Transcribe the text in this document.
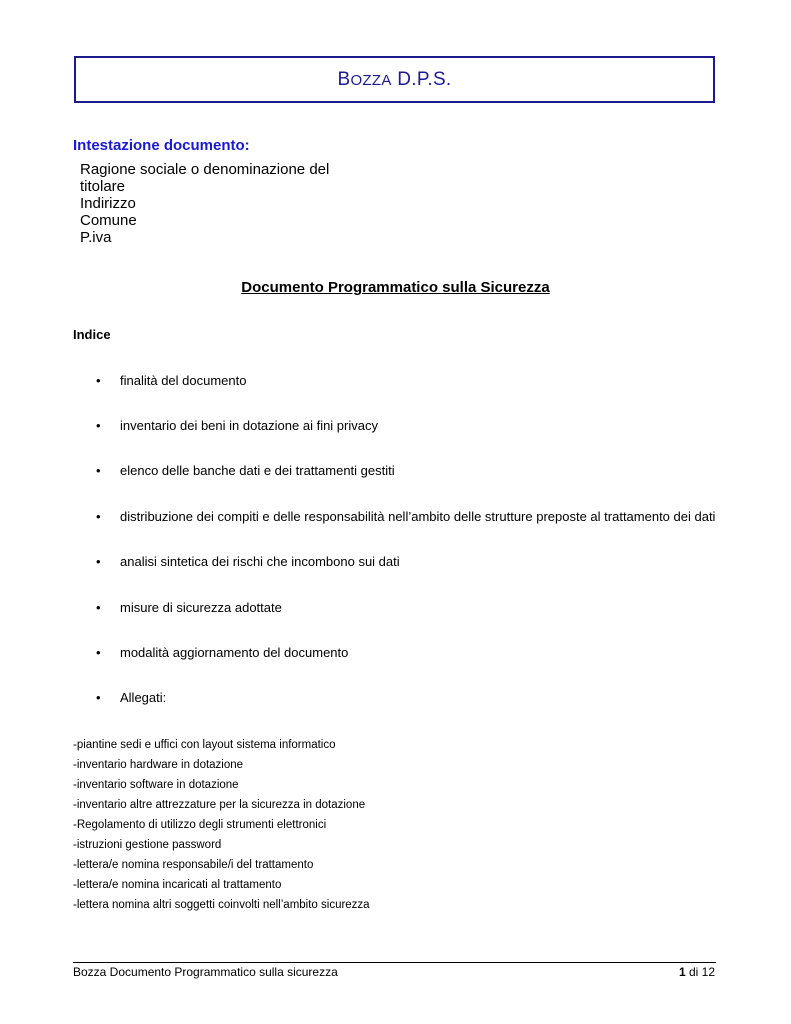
BOZZA D.P.S.
Intestazione documento:
Ragione sociale o denominazione del
titolare
Indirizzo
Comune
P.iva
Documento Programmatico sulla Sicurezza
Indice
• finalità del documento
• inventario dei beni in dotazione ai fini privacy
• elenco delle banche dati e dei trattamenti gestiti
• distribuzione dei compiti e delle responsabilità nell’ambito delle strutture preposte al trattamento dei dati
• analisi sintetica dei rischi che incombono sui dati
• misure di sicurezza adottate
• modalità aggiornamento del documento
• Allegati:
-piantine sedi e uffici con layout sistema informatico
-inventario hardware in dotazione
-inventario software in dotazione
-inventario altre attrezzature per la sicurezza in dotazione
-Regolamento di utilizzo degli strumenti elettronici
-istruzioni gestione password
-lettera/e nomina responsabile/i del trattamento
-lettera/e nomina incaricati al trattamento
-lettera nomina altri soggetti coinvolti nell’ambito sicurezza
Bozza Documento Programmatico sulla sicurezza	1 di 12
